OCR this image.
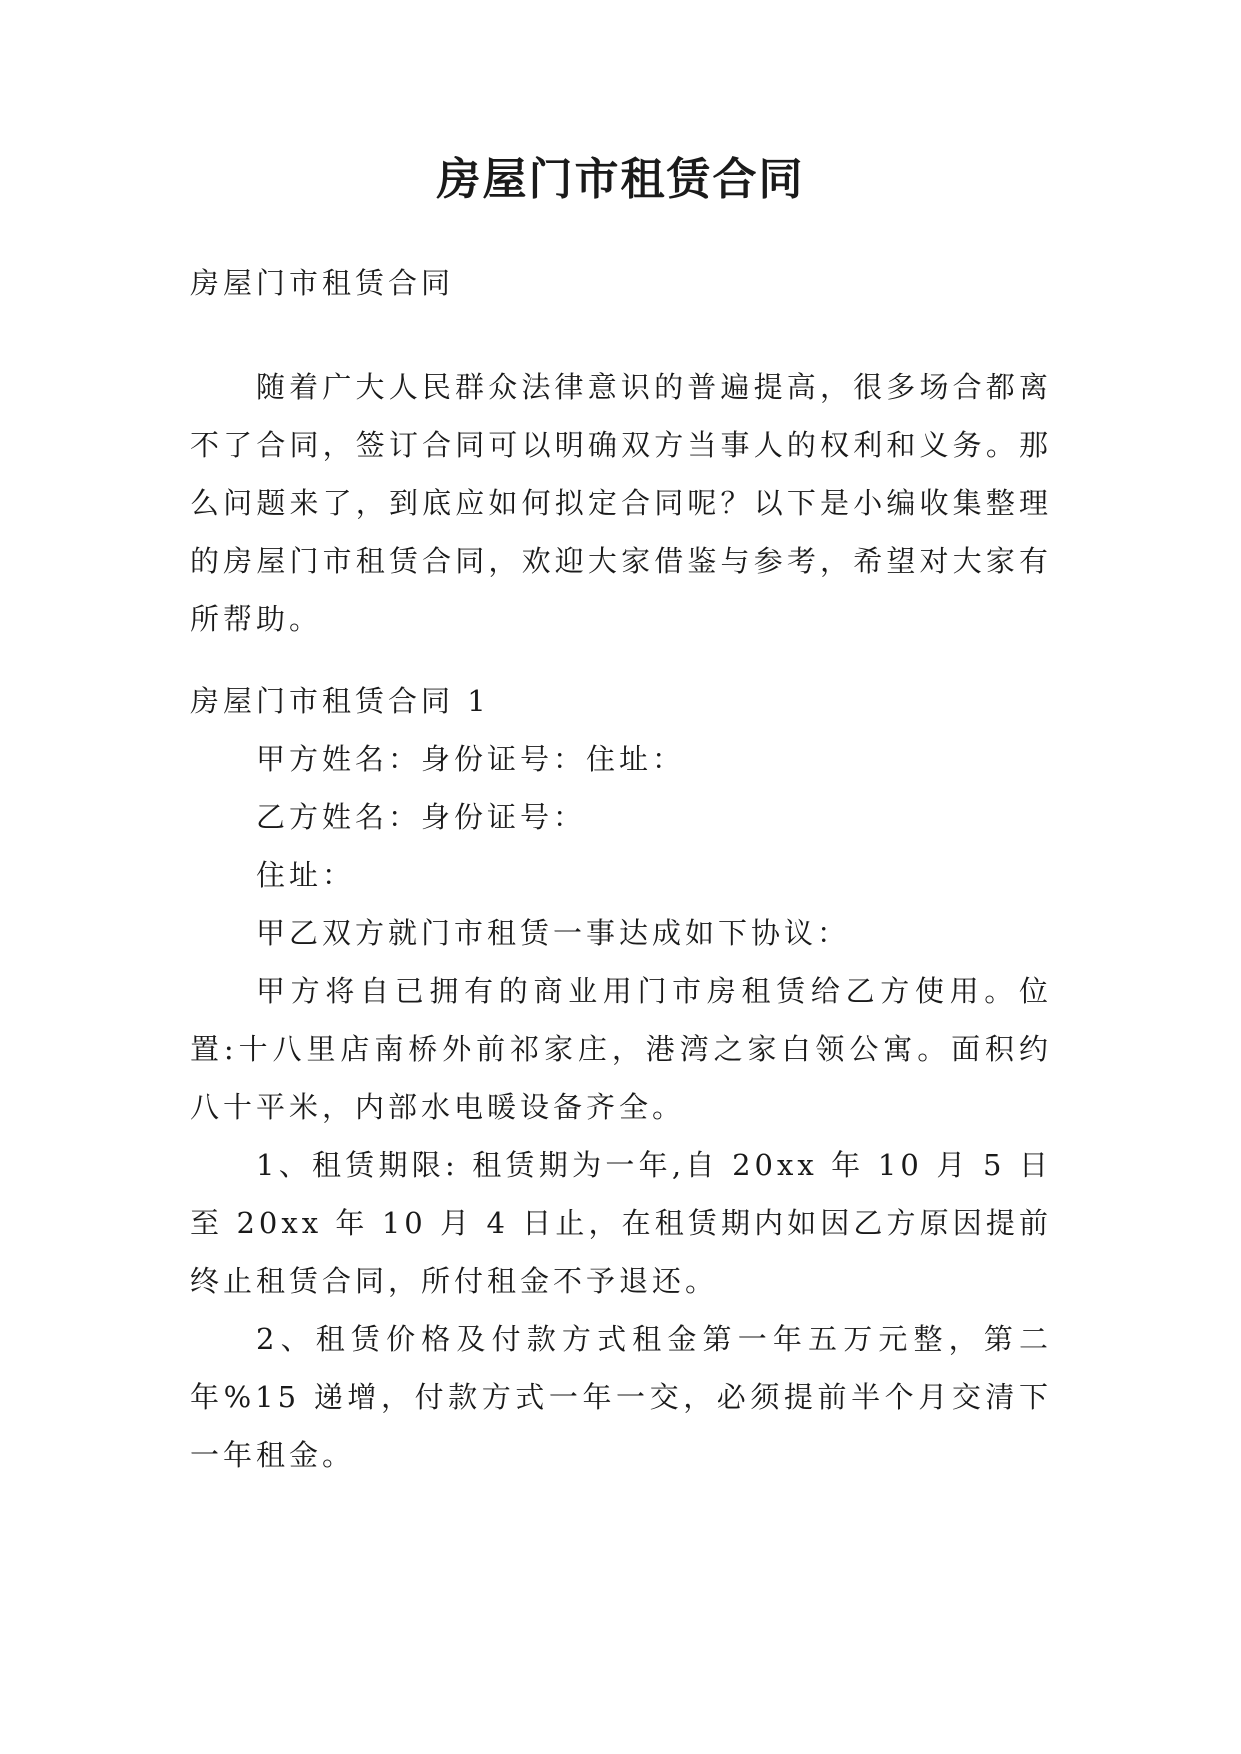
房屋门市租赁合同

房屋门市租赁合同

随着广大人民群众法律意识的普遍提高，很多场合都离不了合同，签订合同可以明确双方当事人的权利和义务。那么问题来了，到底应如何拟定合同呢？以下是小编收集整理的房屋门市租赁合同，欢迎大家借鉴与参考，希望对大家有所帮助。

房屋门市租赁合同 1

甲方姓名：身份证号：住址：

乙方姓名：身份证号：

住址：

甲乙双方就门市租赁一事达成如下协议：

甲方将自已拥有的商业用门市房租赁给乙方使用。位置:十八里店南桥外前祁家庄，港湾之家白领公寓。面积约八十平米，内部水电暖设备齐全。

1、租赁期限: 租赁期为一年,自 20xx 年 10 月 5 日至 20xx 年 10 月 4 日止，在租赁期内如因乙方原因提前终止租赁合同，所付租金不予退还。

2、租赁价格及付款方式租金第一年五万元整，第二年%15 递增，付款方式一年一交，必须提前半个月交清下一年租金。
